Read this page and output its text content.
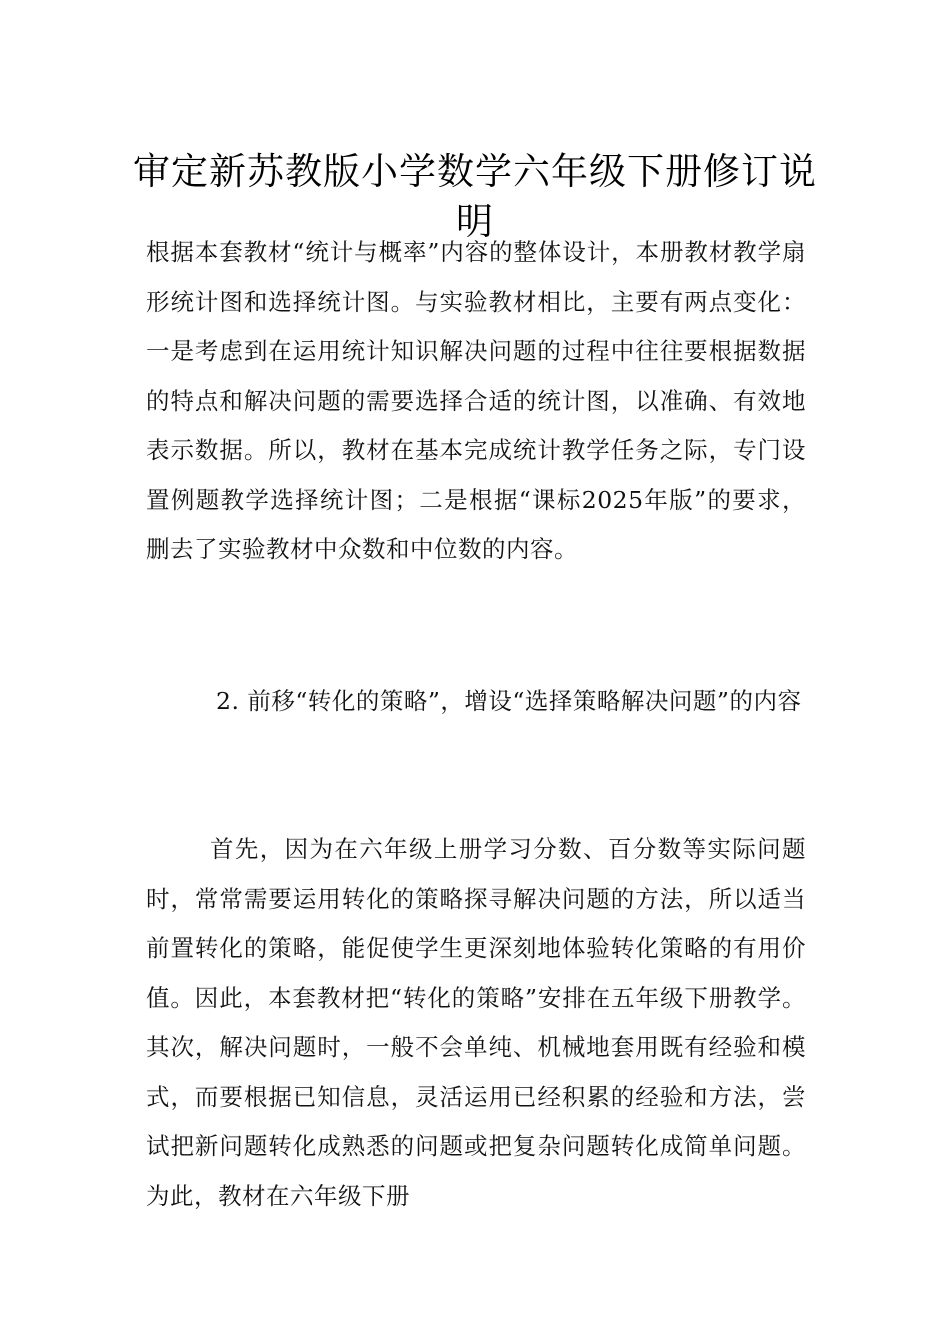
审定新苏教版小学数学六年级下册修订说明

根据本套教材“统计与概率”内容的整体设计，本册教材教学扇形统计图和选择统计图。与实验教材相比，主要有两点变化：一是考虑到在运用统计知识解决问题的过程中往往要根据数据的特点和解决问题的需要选择合适的统计图，以准确、有效地表示数据。所以，教材在基本完成统计教学任务之际，专门设置例题教学选择统计图；二是根据“课标2025年版”的要求，删去了实验教材中众数和中位数的内容。

2. 前移“转化的策略”，增设“选择策略解决问题”的内容

首先，因为在六年级上册学习分数、百分数等实际问题时，常常需要运用转化的策略探寻解决问题的方法，所以适当前置转化的策略，能促使学生更深刻地体验转化策略的有用价值。因此，本套教材把“转化的策略”安排在五年级下册教学。其次，解决问题时，一般不会单纯、机械地套用既有经验和模式，而要根据已知信息，灵活运用已经积累的经验和方法，尝试把新问题转化成熟悉的问题或把复杂问题转化成简单问题。为此，教材在六年级下册
